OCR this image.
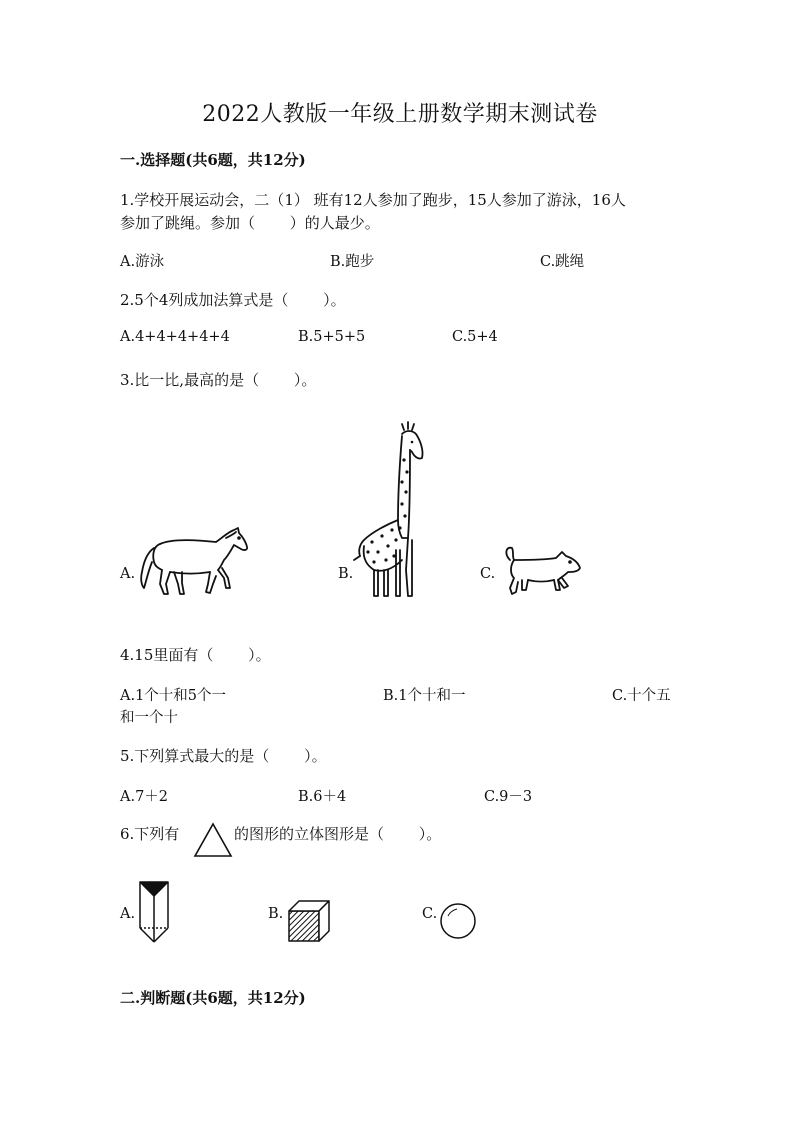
2022人教版一年级上册数学期末测试卷
一.选择题(共6题，共12分)
1.学校开展运动会，二（1） 班有12人参加了跑步，15人参加了游泳，16人
参加了跳绳。参加（　　 ）的人最少。
A.游泳	B.跑步	C.跳绳
2.5个4列成加法算式是（　　 ）。
A.4+4+4+4+4	B.5+5+5	C.5+4
3.比一比,最高的是（　　 ）。
A.	B.	C.
4.15里面有（　　 ）。
A.1个十和5个一	B.1个十和一	C.十个五
和一个十
5.下列算式最大的是（　　 ）。
A.7＋2	B.6＋4	C.9－3
6.下列有	的图形的立体图形是（　　 ）。
A.	B.	C.
二.判断题(共6题，共12分)
